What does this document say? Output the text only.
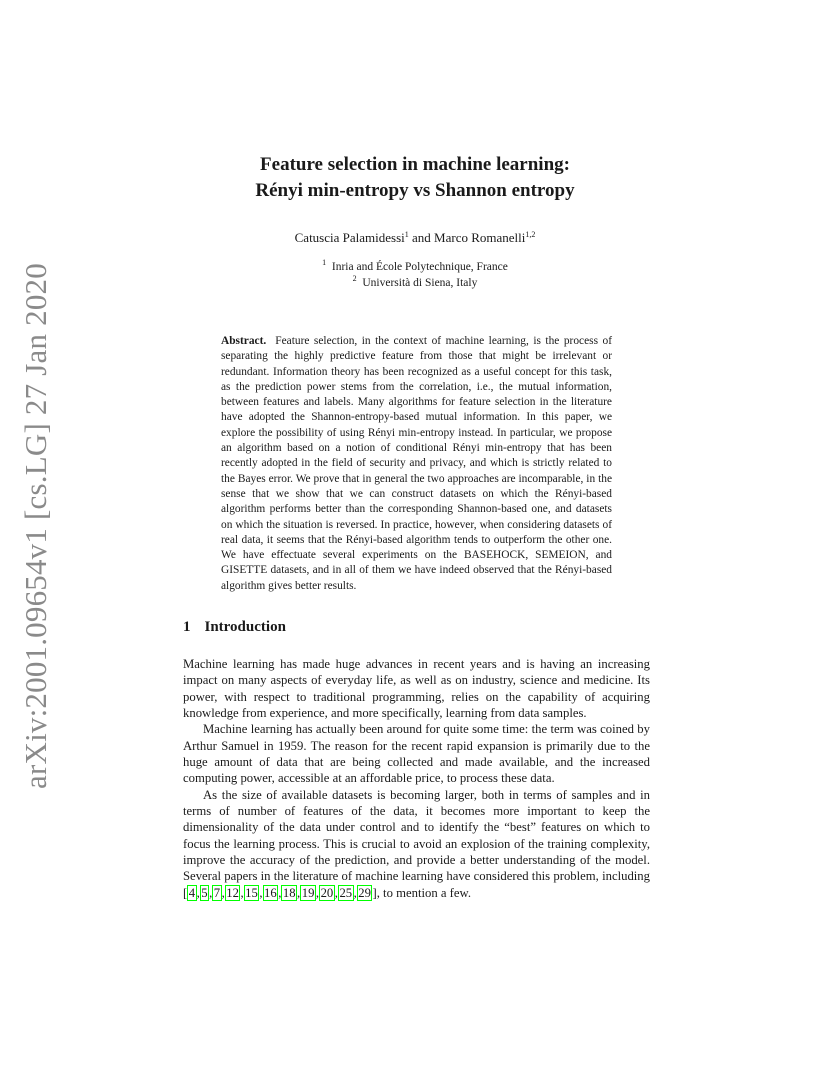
arXiv:2001.09654v1 [cs.LG] 27 Jan 2020
Feature selection in machine learning:
Rényi min-entropy vs Shannon entropy
Catuscia Palamidessi$^1$ and Marco Romanelli$^{1,2}$
$^1$ Inria and École Polytechnique, France
$^2$ Università di Siena, Italy

Abstract. Feature selection, in the context of machine learning, is the process of separating the highly predictive feature from those that might be irrelevant or redundant. Information theory has been recognized as a useful concept for this task, as the prediction power stems from the correlation, i.e., the mutual information, between features and labels. Many algorithms for feature selection in the literature have adopted the Shannon-entropy-based mutual information. In this paper, we explore the possibility of using Rényi min-entropy instead. In particular, we propose an algorithm based on a notion of conditional Rényi min-entropy that has been recently adopted in the field of security and privacy, and which is strictly related to the Bayes error. We prove that in general the two approaches are incomparable, in the sense that we show that we can construct datasets on which the Rényi-based algorithm performs better than the corresponding Shannon-based one, and datasets on which the situation is reversed. In practice, however, when considering datasets of real data, it seems that the Rényi-based algorithm tends to outperform the other one. We have effectuate several experiments on the BASEHOCK, SEMEION, and GISETTE datasets, and in all of them we have indeed observed that the Rényi-based algorithm gives better results.

1 Introduction

Machine learning has made huge advances in recent years and is having an increasing impact on many aspects of everyday life, as well as on industry, science and medicine. Its power, with respect to traditional programming, relies on the capability of acquiring knowledge from experience, and more specifically, learning from data samples.

Machine learning has actually been around for quite some time: the term was coined by Arthur Samuel in 1959. The reason for the recent rapid expansion is primarily due to the huge amount of data that are being collected and made available, and the increased computing power, accessible at an affordable price, to process these data.

As the size of available datasets is becoming larger, both in terms of samples and in terms of number of features of the data, it becomes more important to keep the dimensionality of the data under control and to identify the “best” features on which to focus the learning process. This is crucial to avoid an explosion of the training complexity, improve the accuracy of the prediction, and provide a better understanding of the model. Several papers in the literature of machine learning have considered this problem, including [ 4 , 5 , 7 , 12 , 15 , 16 , 18 , 19 , 20 , 25 , 29 ], to mention a few.
